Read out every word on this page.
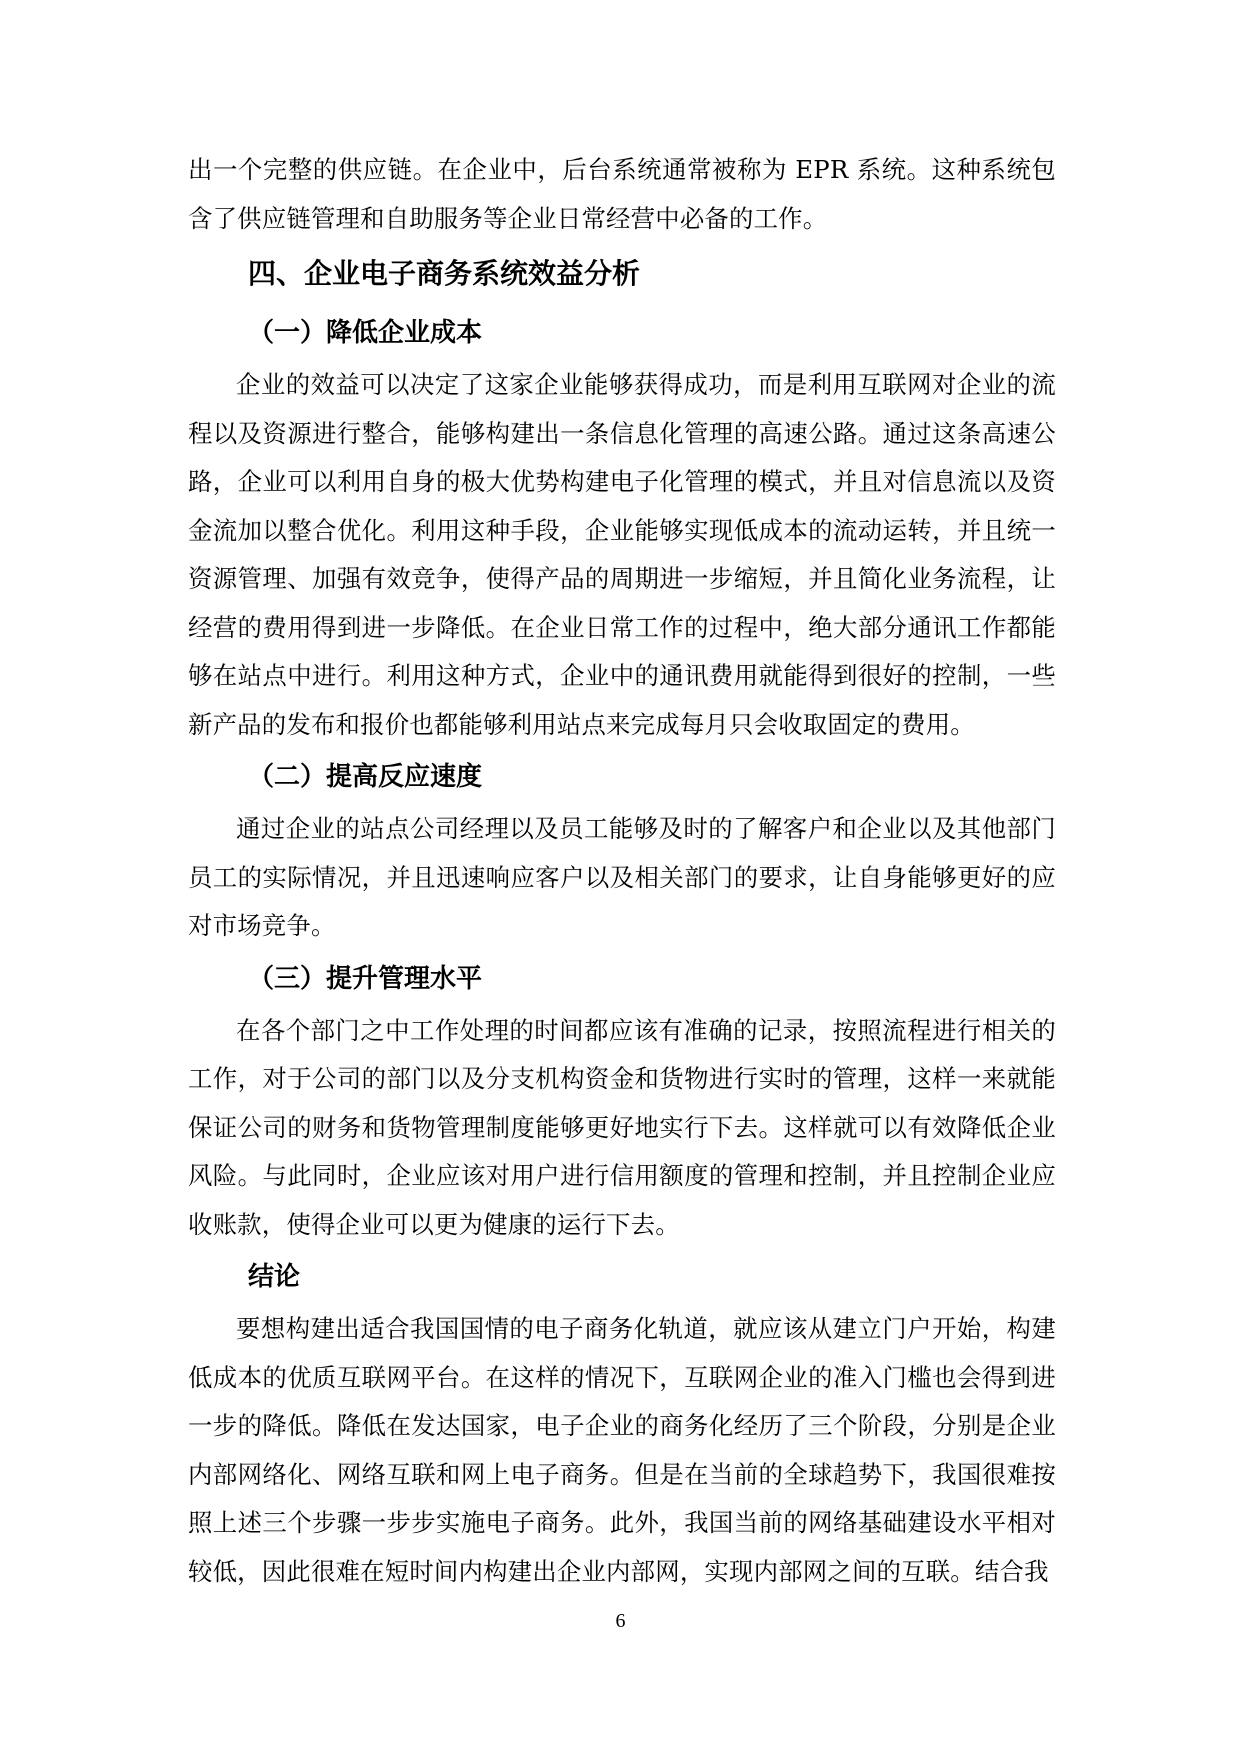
出一个完整的供应链。在企业中，后台系统通常被称为 EPR 系统。这种系统包含了供应链管理和自助服务等企业日常经营中必备的工作。

四、企业电子商务系统效益分析
（一）降低企业成本

企业的效益可以决定了这家企业能够获得成功，而是利用互联网对企业的流程以及资源进行整合，能够构建出一条信息化管理的高速公路。通过这条高速公路，企业可以利用自身的极大优势构建电子化管理的模式，并且对信息流以及资金流加以整合优化。利用这种手段，企业能够实现低成本的流动运转，并且统一资源管理、加强有效竞争，使得产品的周期进一步缩短，并且简化业务流程，让经营的费用得到进一步降低。在企业日常工作的过程中，绝大部分通讯工作都能够在站点中进行。利用这种方式，企业中的通讯费用就能得到很好的控制，一些新产品的发布和报价也都能够利用站点来完成每月只会收取固定的费用。

（二）提高反应速度

通过企业的站点公司经理以及员工能够及时的了解客户和企业以及其他部门员工的实际情况，并且迅速响应客户以及相关部门的要求，让自身能够更好的应对市场竞争。

（三）提升管理水平

在各个部门之中工作处理的时间都应该有准确的记录，按照流程进行相关的工作，对于公司的部门以及分支机构资金和货物进行实时的管理，这样一来就能保证公司的财务和货物管理制度能够更好地实行下去。这样就可以有效降低企业风险。与此同时，企业应该对用户进行信用额度的管理和控制，并且控制企业应收账款，使得企业可以更为健康的运行下去。

结论

要想构建出适合我国国情的电子商务化轨道，就应该从建立门户开始，构建低成本的优质互联网平台。在这样的情况下，互联网企业的准入门槛也会得到进一步的降低。降低在发达国家，电子企业的商务化经历了三个阶段，分别是企业内部网络化、网络互联和网上电子商务。但是在当前的全球趋势下，我国很难按照上述三个步骤一步步实施电子商务。此外，我国当前的网络基础建设水平相对较低，因此很难在短时间内构建出企业内部网，实现内部网之间的互联。结合我

6
